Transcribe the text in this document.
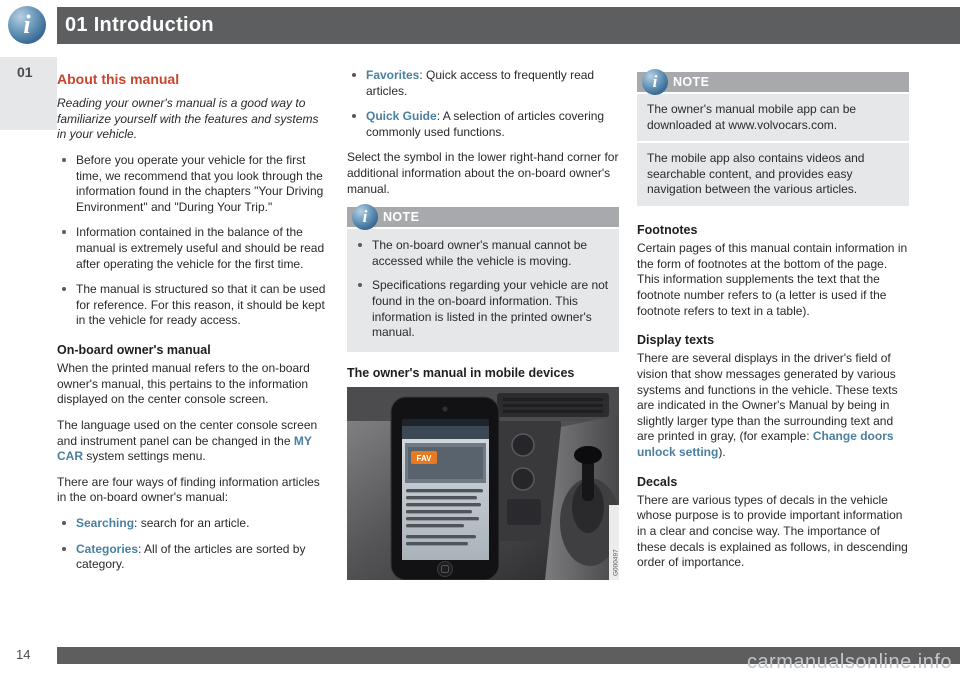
i	01 Introduction
01	About this manual

Reading your owner's manual is a good way to familiarize yourself with the features and systems in your vehicle.

Before you operate your vehicle for the first time, we recommend that you look through the information found in the chapters "Your Driving Environment" and "During Your Trip."
Information contained in the balance of the manual is extremely useful and should be read after operating the vehicle for the first time.
The manual is structured so that it can be used for reference. For this reason, it should be kept in the vehicle for ready access.
On-board owner's manual

When the printed manual refers to the on-board owner's manual, this pertains to the information displayed on the center console screen.

The language used on the center console screen and instrument panel can be changed in the MY CAR system settings menu.

There are four ways of finding information articles in the on-board owner's manual:

Searching: search for an article.
Categories: All of the articles are sorted by category.
Favorites: Quick access to frequently read articles.
Quick Guide: A selection of articles covering commonly used functions.

Select the symbol in the lower right-hand corner for additional information about the on-board owner's manual.

i	NOTE
The on-board owner's manual cannot be accessed while the vehicle is moving.
Specifications regarding your vehicle are not found in the on-board information. This information is listed in the printed owner's manual.
The owner's manual in mobile devices
FAV
G000497
i	NOTE

The owner's manual mobile app can be downloaded at www.volvocars.com.

The mobile app also contains videos and searchable content, and provides easy navigation between the various articles.

Footnotes

Certain pages of this manual contain information in the form of footnotes at the bottom of the page. This information supplements the text that the footnote number refers to (a letter is used if the footnote refers to text in a table).

Display texts

There are several displays in the driver's field of vision that show messages generated by various systems and functions in the vehicle. These texts are indicated in the Owner's Manual by being in slightly larger type than the surrounding text and are printed in gray, (for example: Change doors unlock setting).

Decals

There are various types of decals in the vehicle whose purpose is to provide important information in a clear and concise way. The importance of these decals is explained as follows, in descending order of importance.

14	carmanualsonline.info
